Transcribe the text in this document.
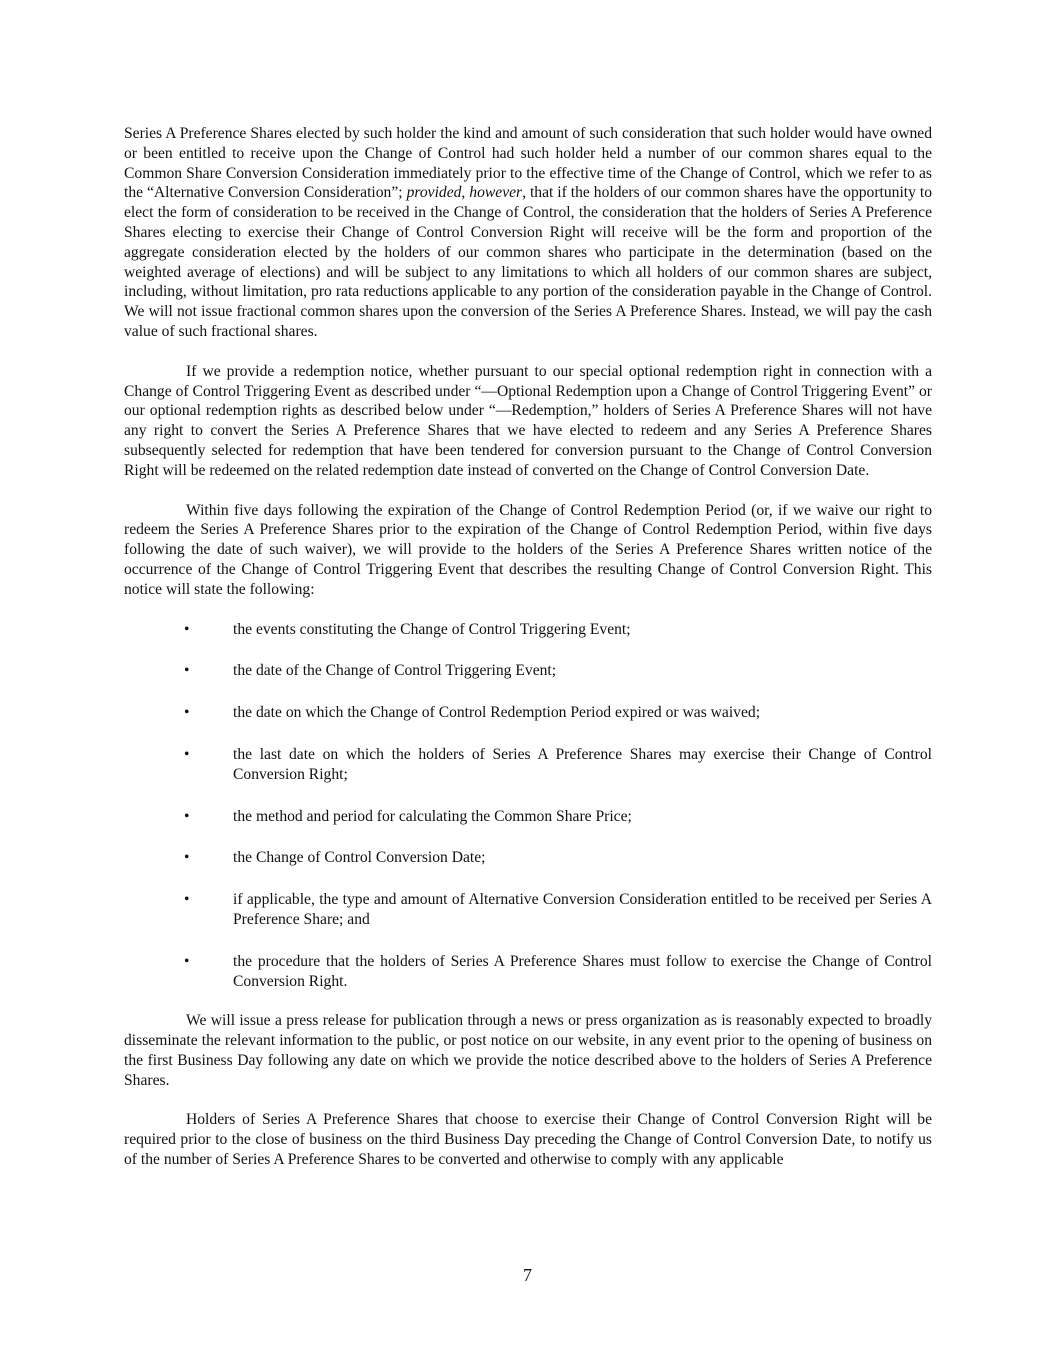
Series A Preference Shares elected by such holder the kind and amount of such consideration that such holder would have owned or been entitled to receive upon the Change of Control had such holder held a number of our common shares equal to the Common Share Conversion Consideration immediately prior to the effective time of the Change of Control, which we refer to as the “Alternative Conversion Consideration”; provided, however, that if the holders of our common shares have the opportunity to elect the form of consideration to be received in the Change of Control, the consideration that the holders of Series A Preference Shares electing to exercise their Change of Control Conversion Right will receive will be the form and proportion of the aggregate consideration elected by the holders of our common shares who participate in the determination (based on the weighted average of elections) and will be subject to any limitations to which all holders of our common shares are subject, including, without limitation, pro rata reductions applicable to any portion of the consideration payable in the Change of Control. We will not issue fractional common shares upon the conversion of the Series A Preference Shares. Instead, we will pay the cash value of such fractional shares.

If we provide a redemption notice, whether pursuant to our special optional redemption right in connection with a Change of Control Triggering Event as described under “—Optional Redemption upon a Change of Control Triggering Event” or our optional redemption rights as described below under “—Redemption,” holders of Series A Preference Shares will not have any right to convert the Series A Preference Shares that we have elected to redeem and any Series A Preference Shares subsequently selected for redemption that have been tendered for conversion pursuant to the Change of Control Conversion Right will be redeemed on the related redemption date instead of converted on the Change of Control Conversion Date.

Within five days following the expiration of the Change of Control Redemption Period (or, if we waive our right to redeem the Series A Preference Shares prior to the expiration of the Change of Control Redemption Period, within five days following the date of such waiver), we will provide to the holders of the Series A Preference Shares written notice of the occurrence of the Change of Control Triggering Event that describes the resulting Change of Control Conversion Right. This notice will state the following:

•	the events constituting the Change of Control Triggering Event;
•	the date of the Change of Control Triggering Event;
•	the date on which the Change of Control Redemption Period expired or was waived;
•	the last date on which the holders of Series A Preference Shares may exercise their Change of Control Conversion Right;
•	the method and period for calculating the Common Share Price;
•	the Change of Control Conversion Date;
•	if applicable, the type and amount of Alternative Conversion Consideration entitled to be received per Series A Preference Share; and
•	the procedure that the holders of Series A Preference Shares must follow to exercise the Change of Control Conversion Right.

We will issue a press release for publication through a news or press organization as is reasonably expected to broadly disseminate the relevant information to the public, or post notice on our website, in any event prior to the opening of business on the first Business Day following any date on which we provide the notice described above to the holders of Series A Preference Shares.

Holders of Series A Preference Shares that choose to exercise their Change of Control Conversion Right will be required prior to the close of business on the third Business Day preceding the Change of Control Conversion Date, to notify us of the number of Series A Preference Shares to be converted and otherwise to comply with any applicable

7
